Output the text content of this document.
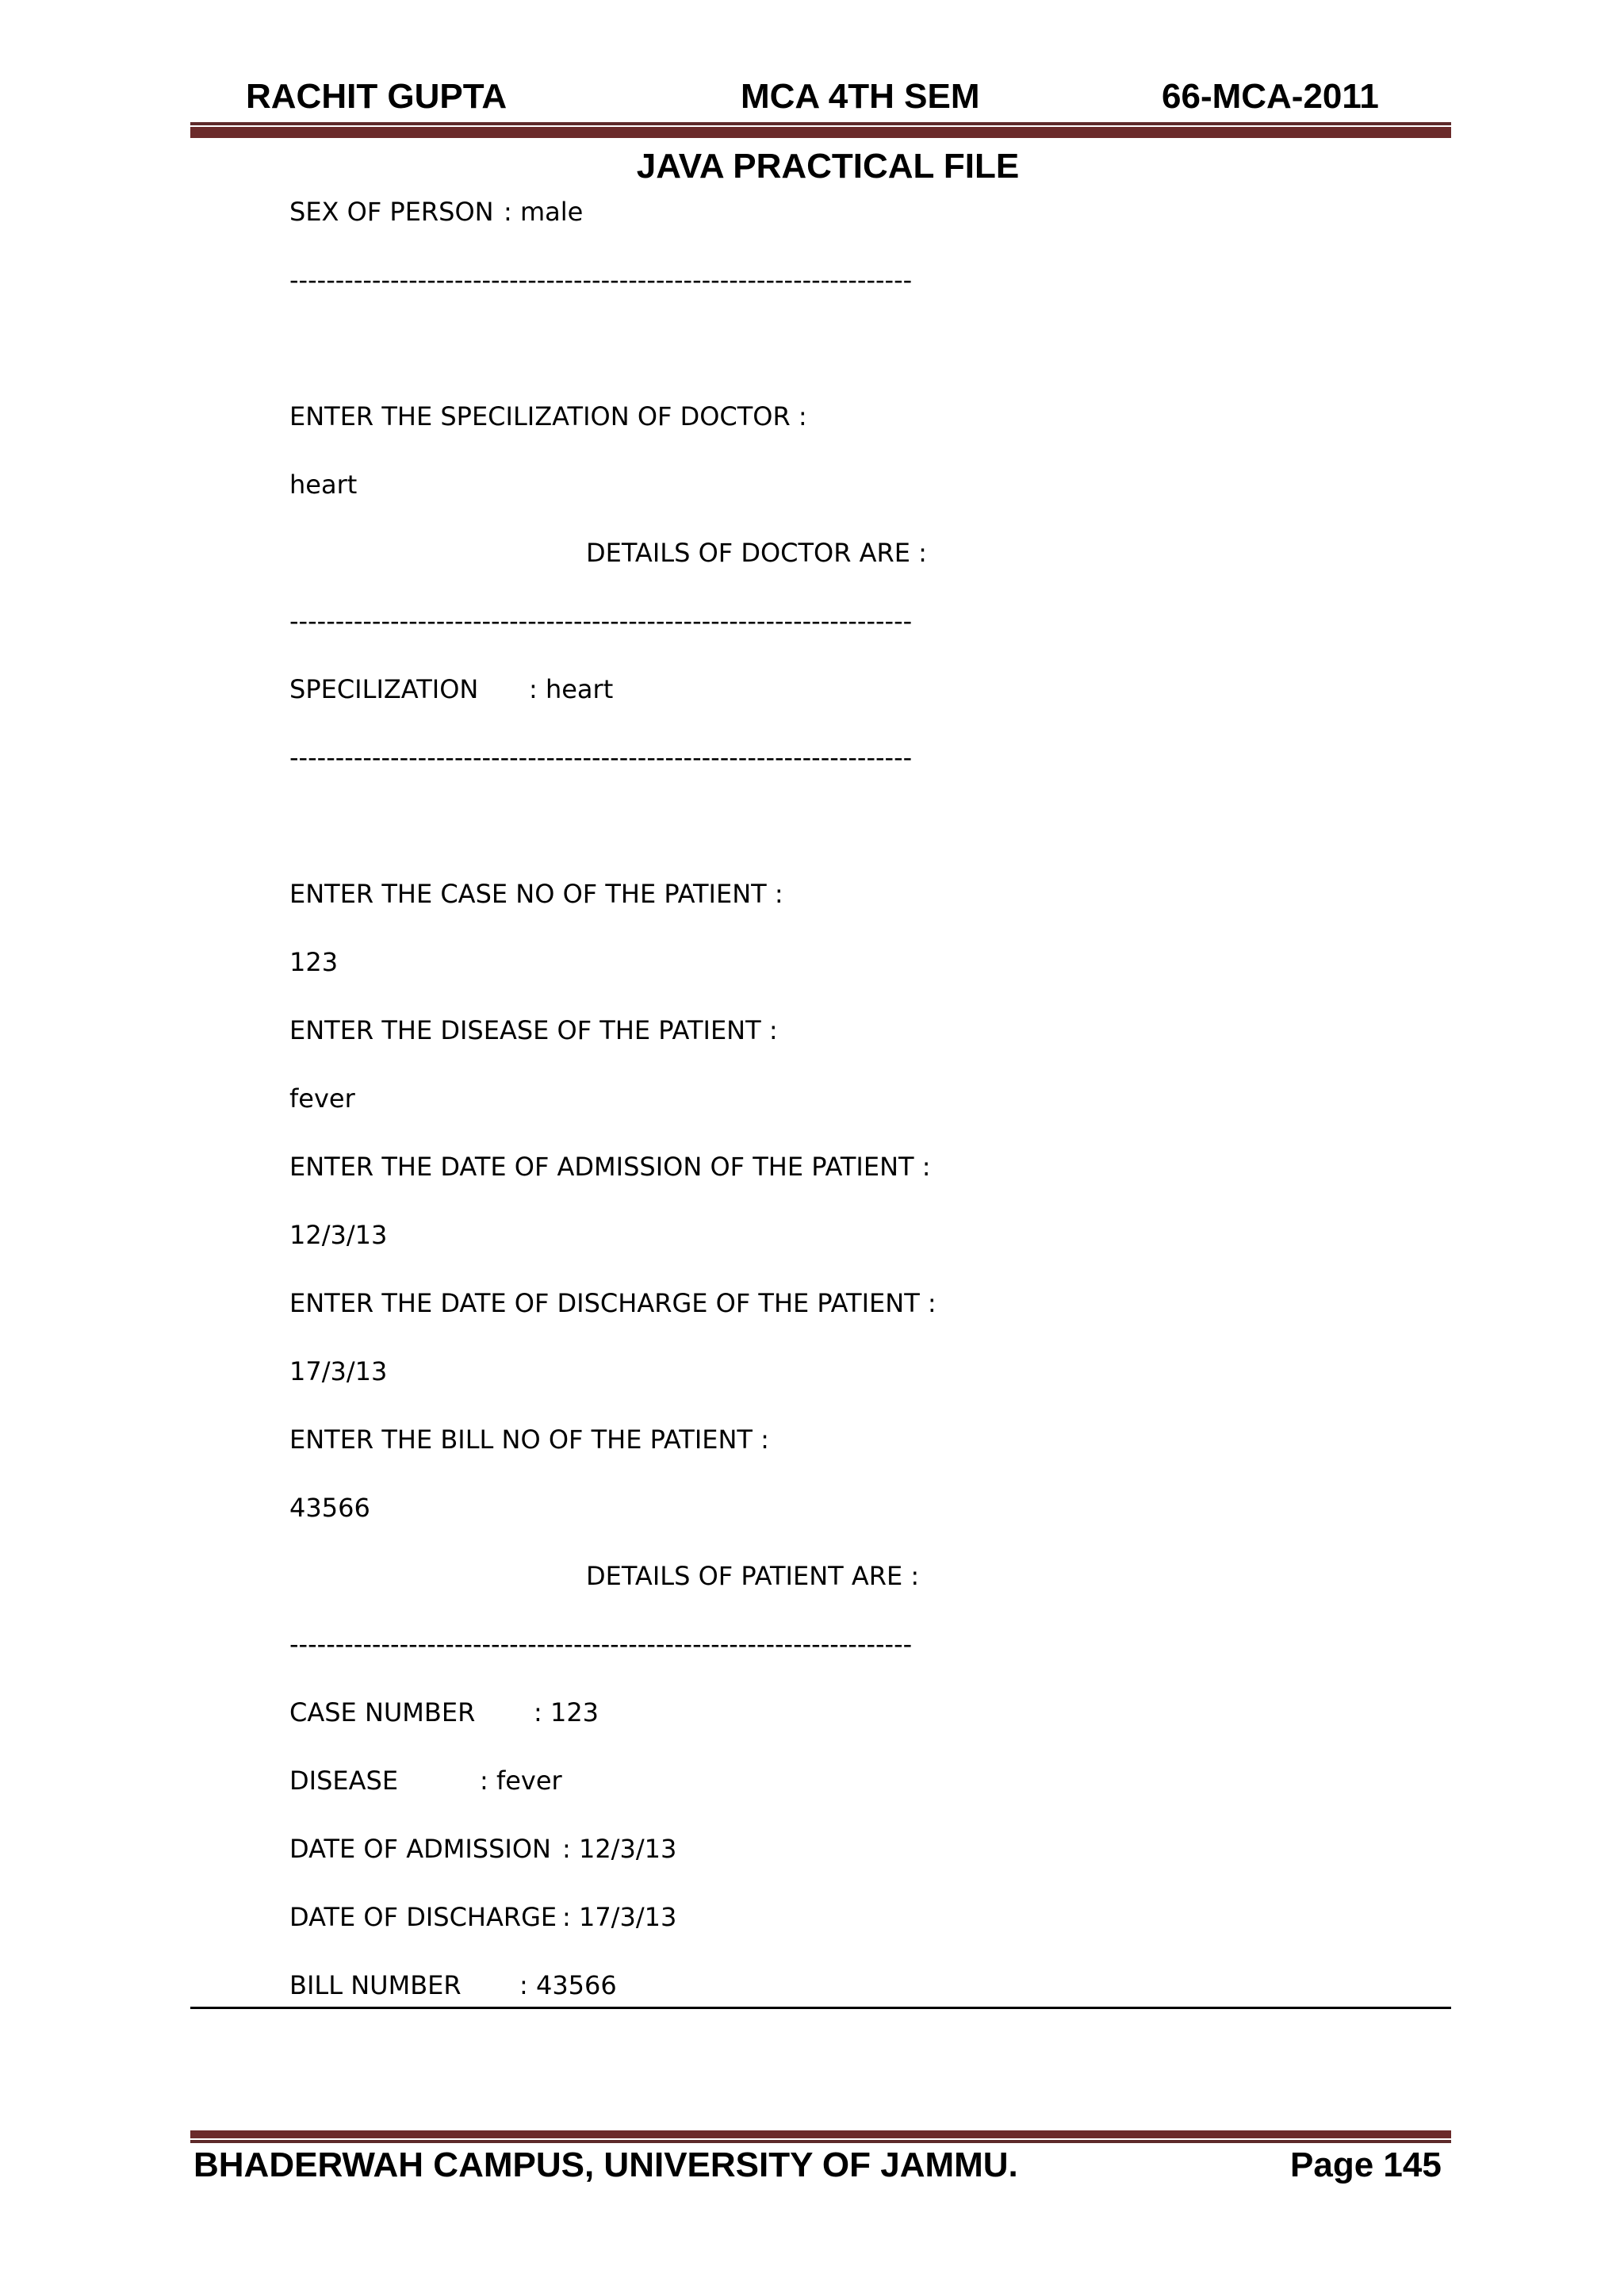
RACHIT GUPTA	MCA 4TH SEM	66-MCA-2011
JAVA PRACTICAL FILE
SEX OF PERSON : male
--------------------------------------------------------------------
ENTER THE SPECILIZATION OF DOCTOR :
heart
DETAILS OF DOCTOR ARE :
--------------------------------------------------------------------
SPECILIZATION : heart
--------------------------------------------------------------------
ENTER THE CASE NO OF THE PATIENT :
123
ENTER THE DISEASE OF THE PATIENT :
fever
ENTER THE DATE OF ADMISSION OF THE PATIENT :
12/3/13
ENTER THE DATE OF DISCHARGE OF THE PATIENT :
17/3/13
ENTER THE BILL NO OF THE PATIENT :
43566
DETAILS OF PATIENT ARE :
--------------------------------------------------------------------
CASE NUMBER : 123
DISEASE	: fever
DATE OF ADMISSION : 12/3/13
DATE OF DISCHARGE : 17/3/13
BILL NUMBER : 43566
BHADERWAH CAMPUS, UNIVERSITY OF JAMMU.	Page 145
